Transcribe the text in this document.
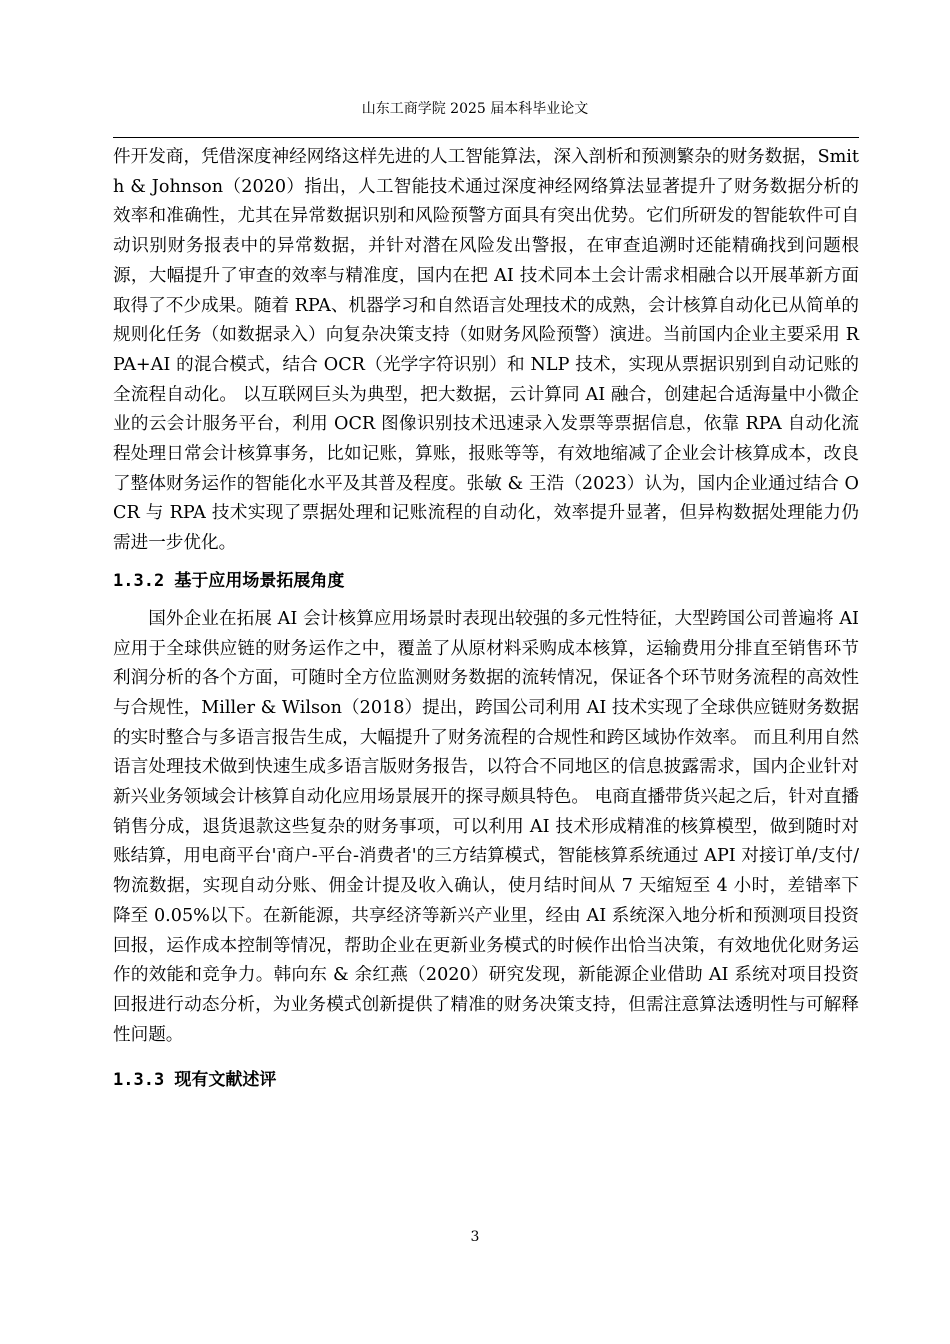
山东工商学院 2025 届本科毕业论文

件开发商，凭借深度神经网络这样先进的人工智能算法，深入剖析和预测繁杂的财务数据，Smith & Johnson（2020）指出，人工智能技术通过深度神经网络算法显著提升了财务数据分析的效率和准确性，尤其在异常数据识别和风险预警方面具有突出优势。它们所研发的智能软件可自动识别财务报表中的异常数据，并针对潜在风险发出警报，在审查追溯时还能精确找到问题根源，大幅提升了审查的效率与精准度，国内在把 AI 技术同本土会计需求相融合以开展革新方面取得了不少成果。随着 RPA、机器学习和自然语言处理技术的成熟，会计核算自动化已从简单的规则化任务（如数据录入）向复杂决策支持（如财务风险预警）演进。当前国内企业主要采用 RPA+AI 的混合模式，结合 OCR（光学字符识别）和 NLP 技术，实现从票据识别到自动记账的全流程自动化。 以互联网巨头为典型，把大数据，云计算同 AI 融合，创建起合适海量中小微企业的云会计服务平台，利用 OCR 图像识别技术迅速录入发票等票据信息，依靠 RPA 自动化流程处理日常会计核算事务，比如记账，算账，报账等等，有效地缩减了企业会计核算成本，改良了整体财务运作的智能化水平及其普及程度。张敏 & 王浩（2023）认为，国内企业通过结合 OCR 与 RPA 技术实现了票据处理和记账流程的自动化，效率提升显著，但异构数据处理能力仍需进一步优化。

1.3.2 基于应用场景拓展角度

国外企业在拓展 AI 会计核算应用场景时表现出较强的多元性特征，大型跨国公司普遍将 AI 应用于全球供应链的财务运作之中，覆盖了从原材料采购成本核算，运输费用分排直至销售环节利润分析的各个方面，可随时全方位监测财务数据的流转情况，保证各个环节财务流程的高效性与合规性，Miller & Wilson（2018）提出，跨国公司利用 AI 技术实现了全球供应链财务数据的实时整合与多语言报告生成，大幅提升了财务流程的合规性和跨区域协作效率。 而且利用自然语言处理技术做到快速生成多语言版财务报告，以符合不同地区的信息披露需求，国内企业针对新兴业务领域会计核算自动化应用场景展开的探寻颇具特色。 电商直播带货兴起之后，针对直播销售分成，退货退款这些复杂的财务事项，可以利用 AI 技术形成精准的核算模型，做到随时对账结算，用电商平台'商户-平台-消费者'的三方结算模式，智能核算系统通过 API 对接订单/支付/物流数据，实现自动分账、佣金计提及收入确认，使月结时间从 7 天缩短至 4 小时，差错率下降至 0.05%以下。在新能源，共享经济等新兴产业里，经由 AI 系统深入地分析和预测项目投资回报，运作成本控制等情况，帮助企业在更新业务模式的时候作出恰当决策，有效地优化财务运作的效能和竞争力。韩向东 & 余红燕（2020）研究发现，新能源企业借助 AI 系统对项目投资回报进行动态分析，为业务模式创新提供了精准的财务决策支持，但需注意算法透明性与可解释性问题。

1.3.3 现有文献述评
3
